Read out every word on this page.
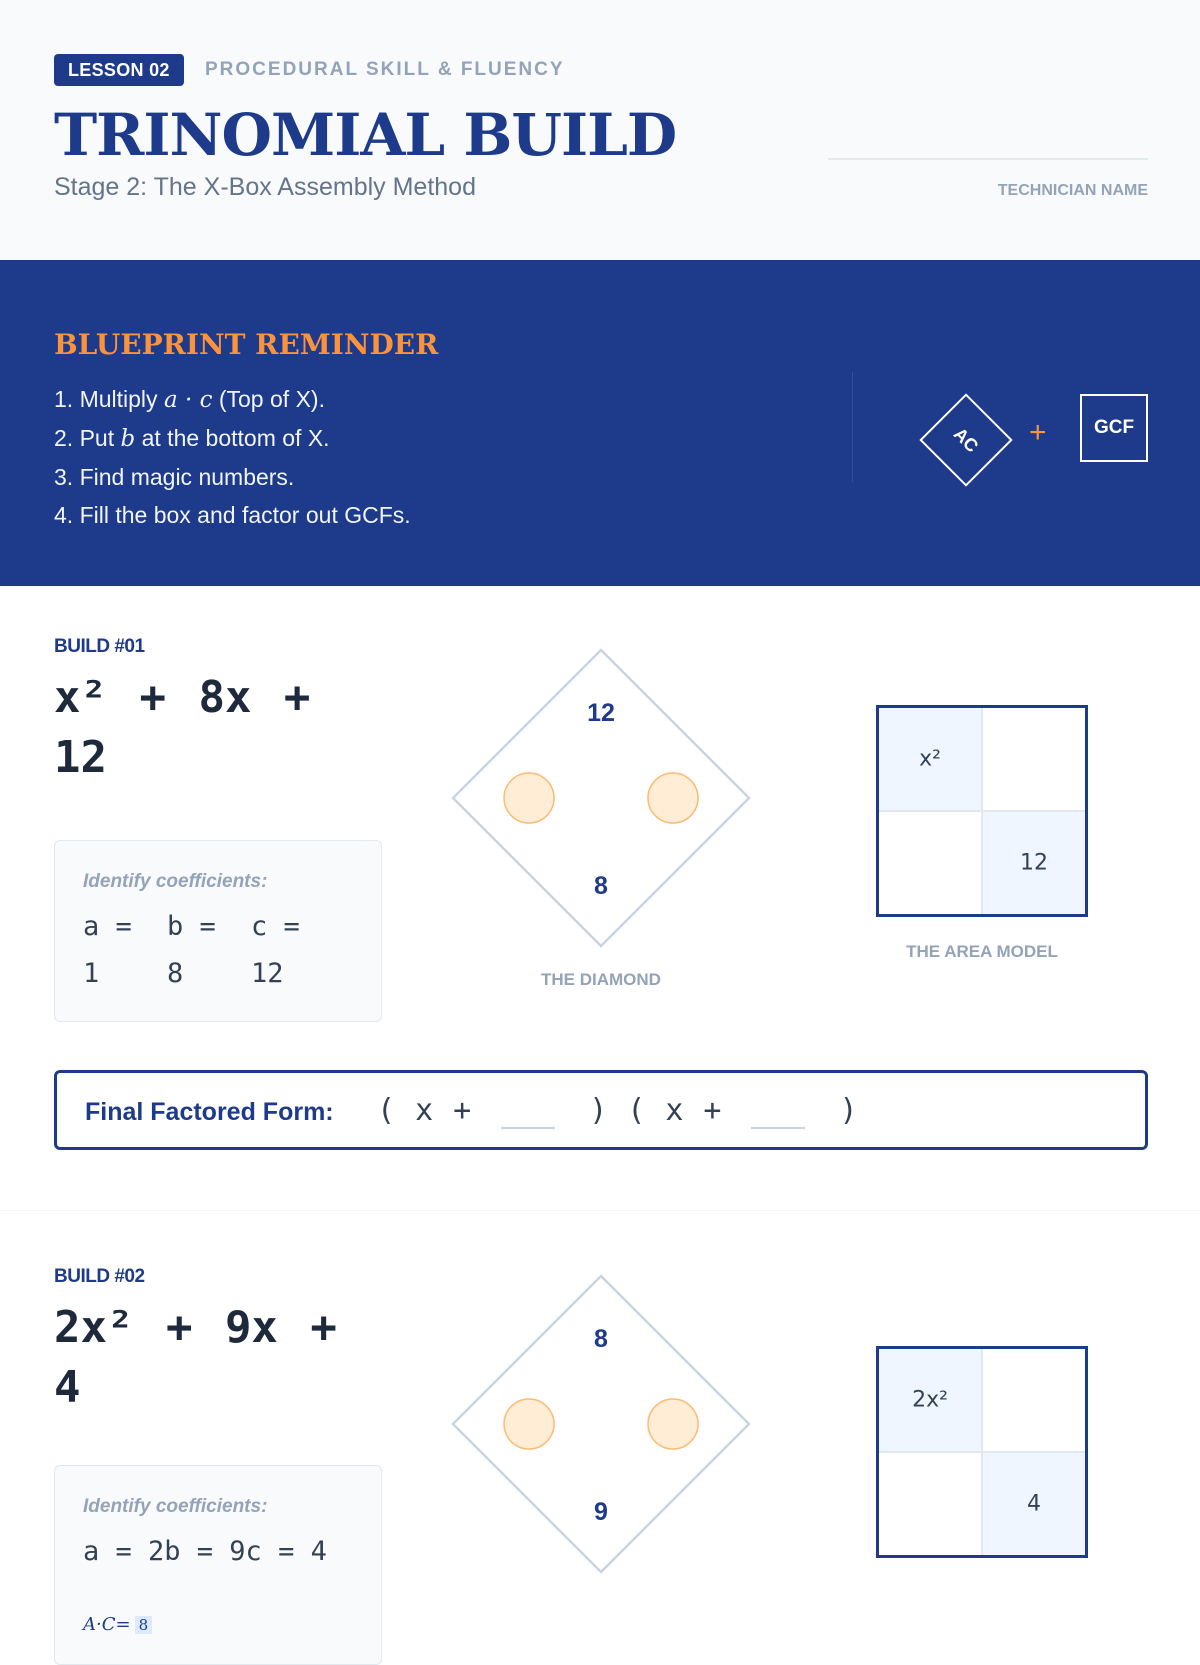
LESSON 02	PROCEDURAL SKILL & FLUENCY
TRINOMIAL BUILD
Stage 2: The X-Box Assembly Method	TECHNICIAN NAME
BLUEPRINT REMINDER
1. Multiply a · c (Top of X).
2. Put b at the bottom of X.
3. Find magic numbers.
4. Fill the box and factor out GCFs.
AC +	GCF
BUILD #01
x² + 8x + 12
Identify coefficients:
a =
1
b =
8
c =
12
12
8
THE DIAMOND
x²
12
THE AREA MODEL
Final Factored Form: ( x +	) ( x +	)
BUILD #02
2x² + 9x + 4
Identify coefficients:
a = 2b = 9c = 4
A·C= 8
8
9
2x²
4
